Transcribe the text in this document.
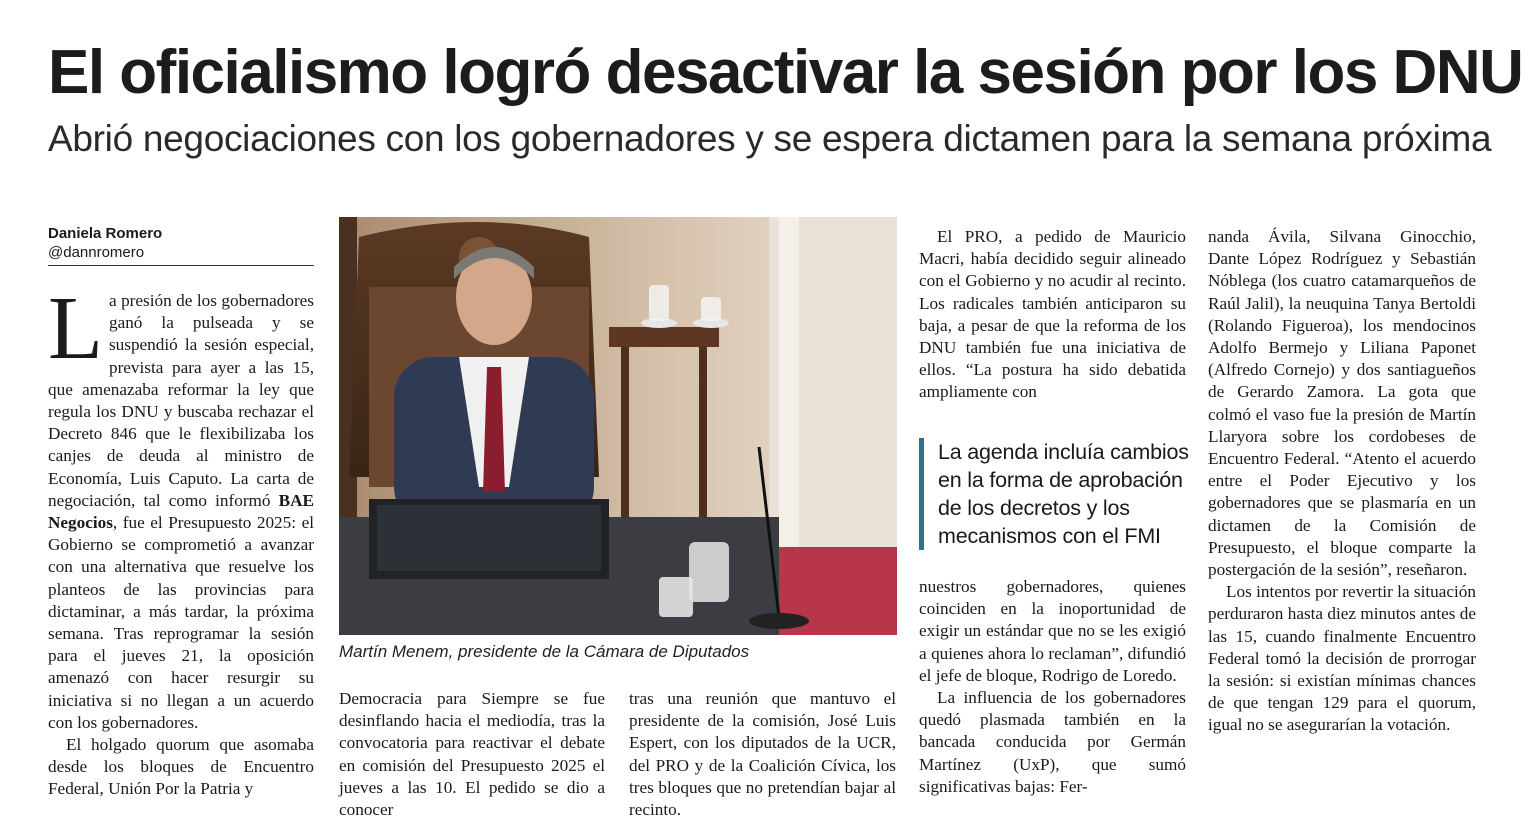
El oficialismo logró desactivar la sesión por los DNU
Abrió negociaciones con los gobernadores y se espera dictamen para la semana próxima
Daniela Romero
@dannromero

La presión de los gobernadores ganó la pulseada y se suspendió la sesión especial, prevista para ayer a las 15, que amenazaba reformar la ley que regula los DNU y buscaba rechazar el Decreto 846 que le flexibilizaba los canjes de deuda al ministro de Economía, Luis Caputo. La carta de negociación, tal como informó BAE Negocios, fue el Presupuesto 2025: el Gobierno se comprometió a avanzar con una alternativa que resuelve los planteos de las provincias para dictaminar, a más tardar, la próxima semana. Tras reprogramar la sesión para el jueves 21, la oposición amenazó con hacer resurgir su iniciativa si no llegan a un acuerdo con los gobernadores.

El holgado quorum que asomaba desde los bloques de Encuentro Federal, Unión Por la Patria y

Martín Menem, presidente de la Cámara de Diputados

Democracia para Siempre se fue desinflando hacia el mediodía, tras la convocatoria para reactivar el debate en comisión del Presupuesto 2025 el jueves a las 10. El pedido se dio a conocer

tras una reunión que mantuvo el presidente de la comisión, José Luis Espert, con los diputados de la UCR, del PRO y de la Coalición Cívica, los tres bloques que no pretendían bajar al recinto.

El PRO, a pedido de Mauricio Macri, había decidido seguir alineado con el Gobierno y no acudir al recinto. Los radicales también anticiparon su baja, a pesar de que la reforma de los DNU también fue una iniciativa de ellos. “La postura ha sido debatida ampliamente con

La agenda incluía cambios en la forma de aprobación de los decretos y los mecanismos con el FMI

nuestros gobernadores, quienes coinciden en la inoportunidad de exigir un estándar que no se les exigió a quienes ahora lo reclaman”, difundió el jefe de bloque, Rodrigo de Loredo.

La influencia de los gobernadores quedó plasmada también en la bancada conducida por Germán Martínez (UxP), que sumó significativas bajas: Fer-

nanda Ávila, Silvana Ginocchio, Dante López Rodríguez y Sebastián Nóblega (los cuatro catamarqueños de Raúl Jalil), la neuquina Tanya Bertoldi (Rolando Figueroa), los mendocinos Adolfo Bermejo y Liliana Paponet (Alfredo Cornejo) y dos santiagueños de Gerardo Zamora. La gota que colmó el vaso fue la presión de Martín Llaryora sobre los cordobeses de Encuentro Federal. “Atento el acuerdo entre el Poder Ejecutivo y los gobernadores que se plasmaría en un dictamen de la Comisión de Presupuesto, el bloque comparte la postergación de la sesión”, reseñaron.

Los intentos por revertir la situación perduraron hasta diez minutos antes de las 15, cuando finalmente Encuentro Federal tomó la decisión de prorrogar la sesión: si existían mínimas chances de que tengan 129 para el quorum, igual no se asegurarían la votación.
